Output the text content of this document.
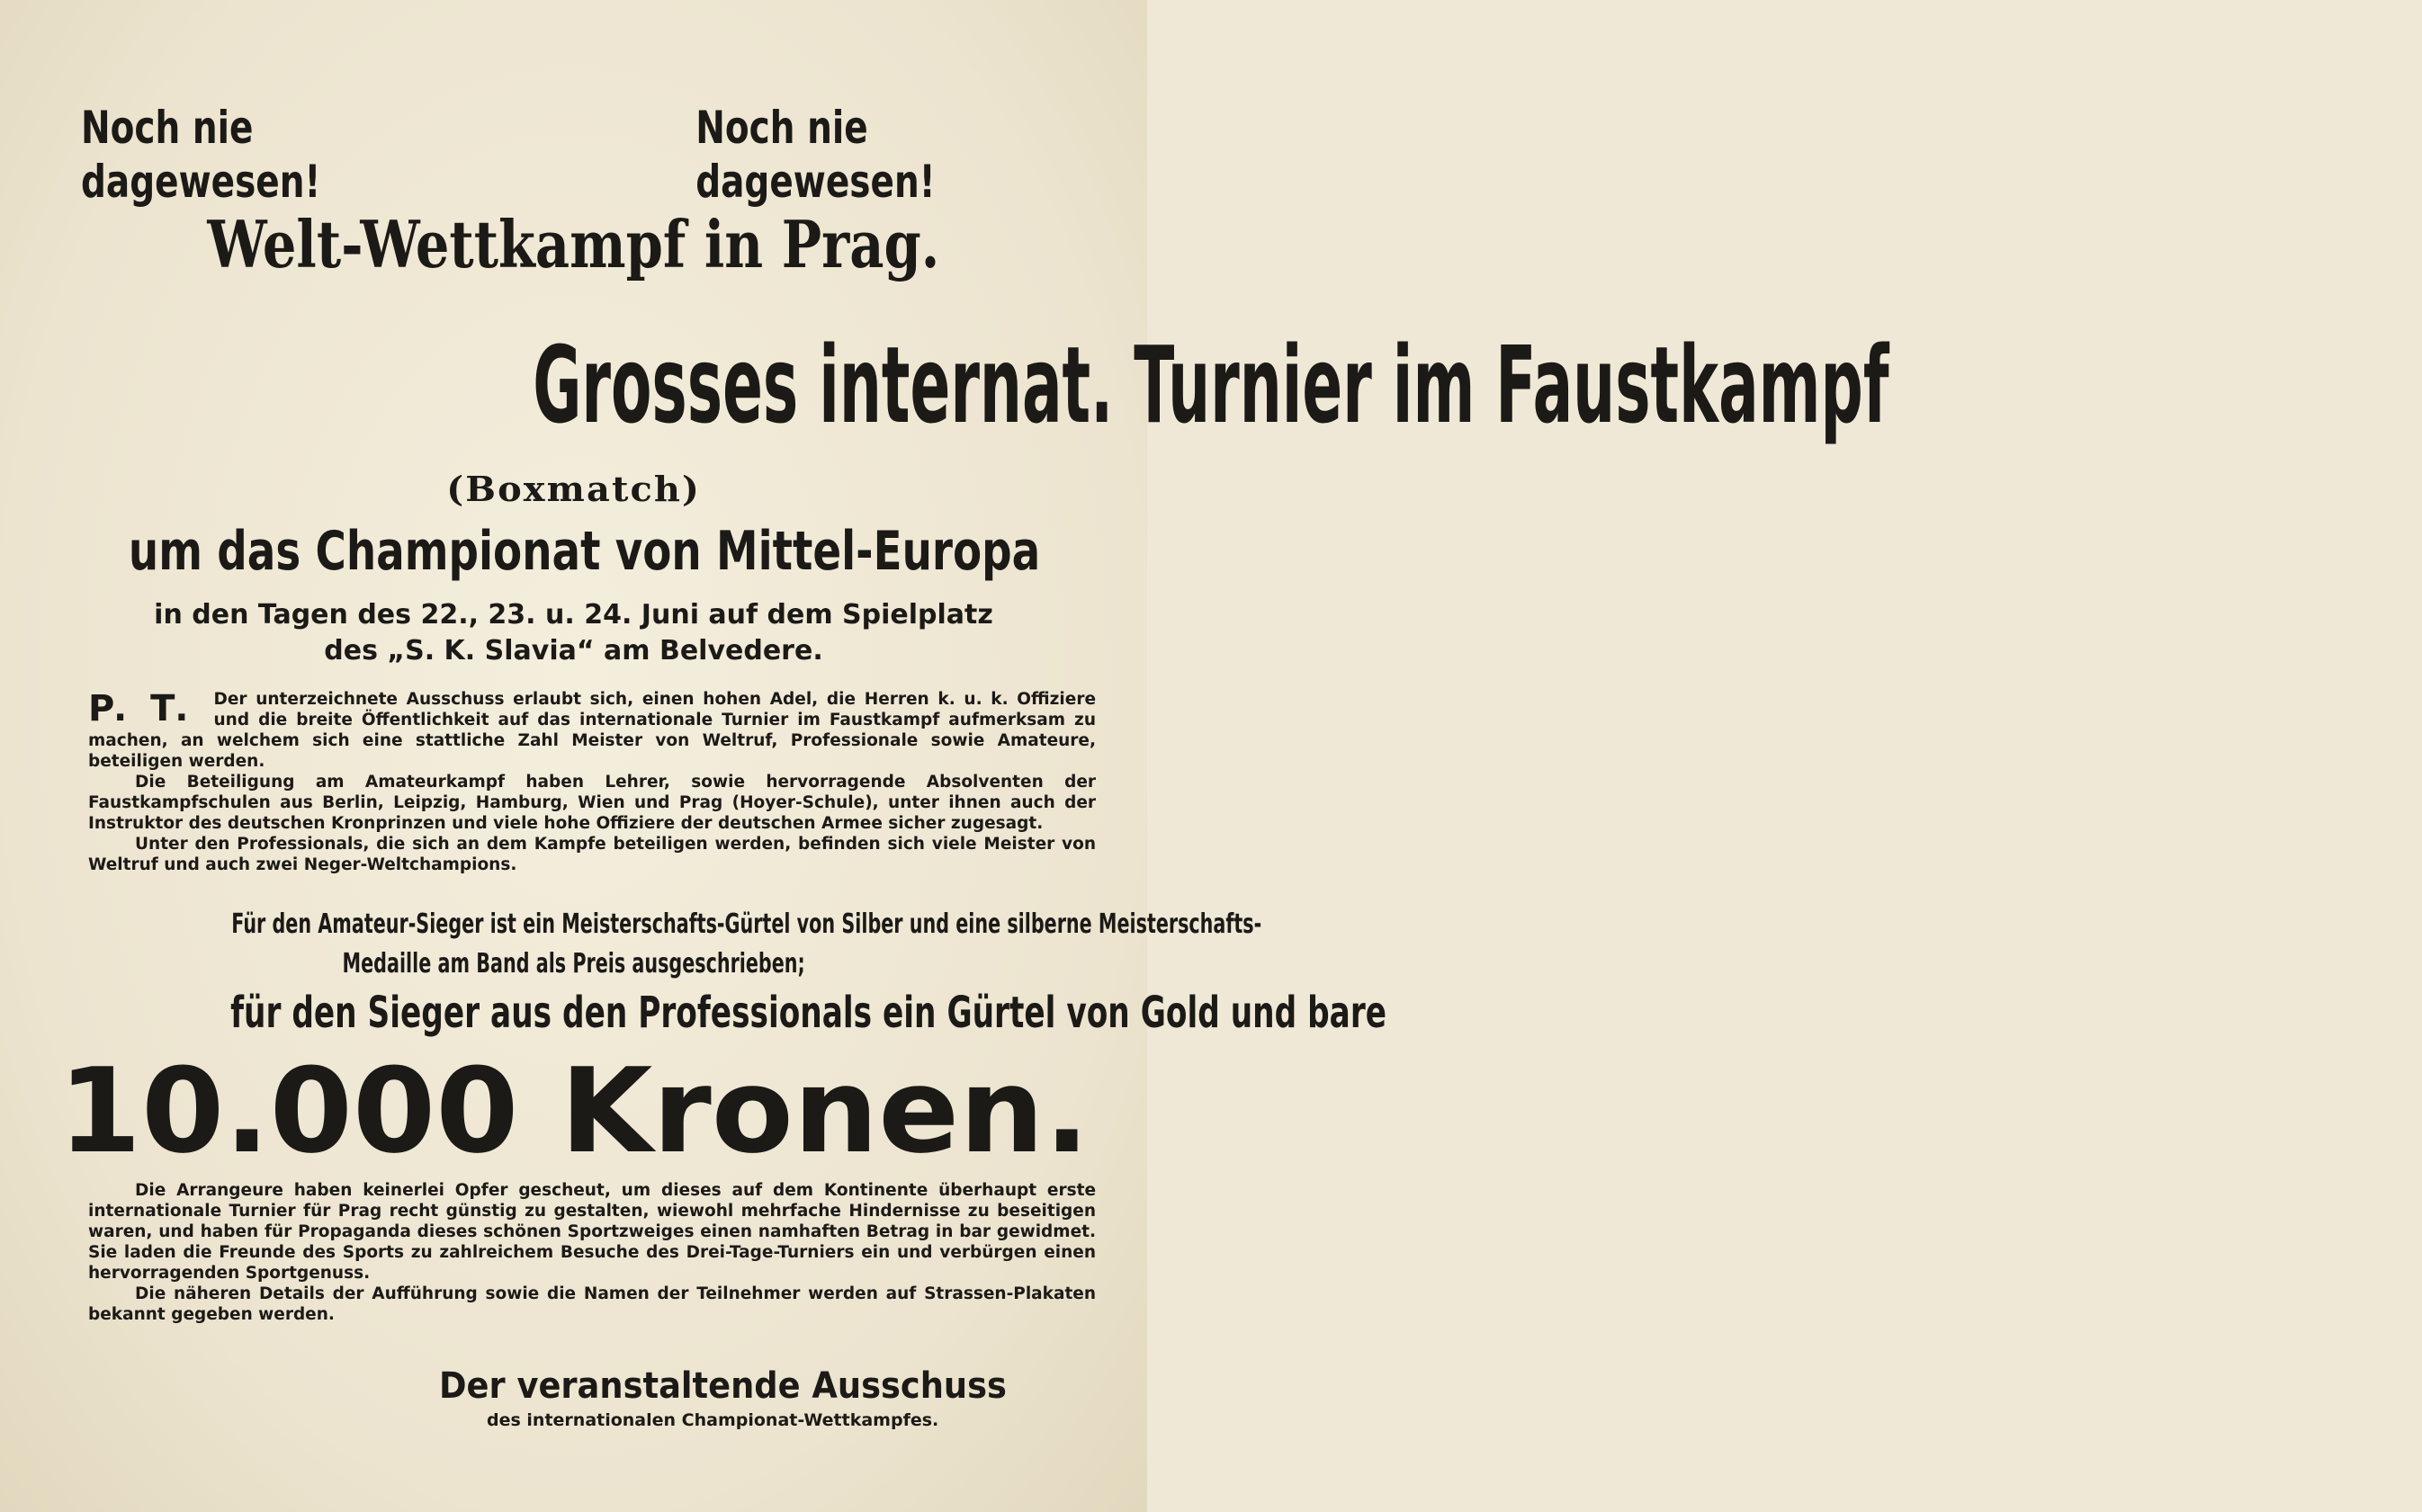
Noch nie dagewesen!
Noch nie dagewesen!
Welt-Wettkampf in Prag.
Grosses internat. Turnier im Faustkampf
(Boxmatch)
um das Championat von Mittel-Europa
in den Tagen des 22., 23. u. 24. Juni auf dem Spielplatz
des „S. K. Slavia“ am Belvedere.
P. T.	Der unterzeichnete Ausschuss erlaubt sich, einen hohen Adel, die Herren k. u. k. Offiziere und die breite Öffentlichkeit auf das internationale Turnier im Faustkampf aufmerksam zu machen, an welchem sich eine stattliche Zahl Meister von Weltruf, Professionale sowie Amateure, beteiligen werden.

Die Beteiligung am Amateurkampf haben Lehrer, sowie hervorragende Absolventen der Faustkampfschulen aus Berlin, Leipzig, Hamburg, Wien und Prag (Hoyer-Schule), unter ihnen auch der Instruktor des deutschen Kronprinzen und viele hohe Offiziere der deutschen Armee sicher zugesagt.

Unter den Professionals, die sich an dem Kampfe beteiligen werden, befinden sich viele Meister von Weltruf und auch zwei Neger-Weltchampions.

Für den Amateur-Sieger ist ein Meisterschafts-Gürtel von Silber und eine silberne Meisterschafts-
Medaille am Band als Preis ausgeschrieben;
für den Sieger aus den Professionals ein Gürtel von Gold und bare
10.000 Kronen.

Die Arrangeure haben keinerlei Opfer gescheut, um dieses auf dem Kontinente überhaupt erste internationale Turnier für Prag recht günstig zu gestalten, wiewohl mehrfache Hindernisse zu beseitigen waren, und haben für Propaganda dieses schönen Sportzweiges einen namhaften Betrag in bar gewidmet. Sie laden die Freunde des Sports zu zahlreichem Besuche des Drei-Tage-Turniers ein und verbürgen einen hervorragenden Sportgenuss.

Die näheren Details der Aufführung sowie die Namen der Teilnehmer werden auf Strassen-Plakaten bekannt gegeben werden.

Der veranstaltende Ausschuss
des internationalen Championat-Wettkampfes.
